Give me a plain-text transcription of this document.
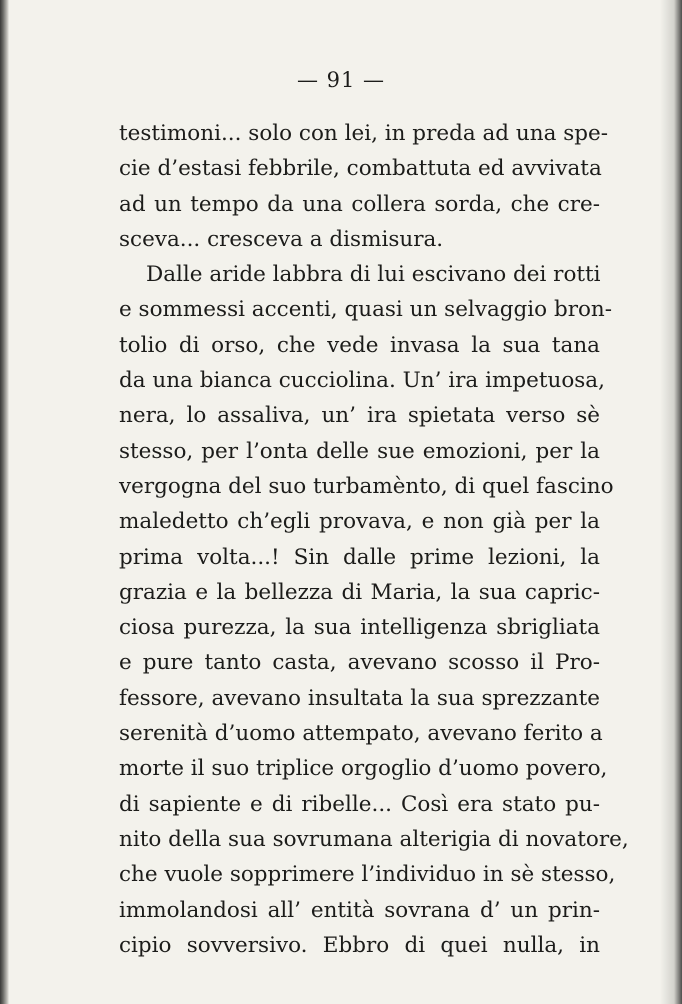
— 91 —
testimoni... solo con lei, in preda ad una spe-
cie d’estasi febbrile, combattuta ed avvivata
ad un tempo da una collera sorda, che cre-
sceva... cresceva a dismisura.
Dalle aride labbra di lui escivano dei rotti
e sommessi accenti, quasi un selvaggio bron-
tolio di orso, che vede invasa la sua tana
da una bianca cucciolina. Un’ ira impetuosa,
nera, lo assaliva, un’ ira spietata verso sè
stesso, per l’onta delle sue emozioni, per la
vergogna del suo turbamènto, di quel fascino
maledetto ch’egli provava, e non già per la
prima volta...! Sin dalle prime lezioni, la
grazia e la bellezza di Maria, la sua capric-
ciosa purezza, la sua intelligenza sbrigliata
e pure tanto casta, avevano scosso il Pro-
fessore, avevano insultata la sua sprezzante
serenità d’uomo attempato, avevano ferito a
morte il suo triplice orgoglio d’uomo povero,
di sapiente e di ribelle... Così era stato pu-
nito della sua sovrumana alterigia di novatore,
che vuole sopprimere l’individuo in sè stesso,
immolandosi all’ entità sovrana d’ un prin-
cipio sovversivo. Ebbro di quei nulla, in
